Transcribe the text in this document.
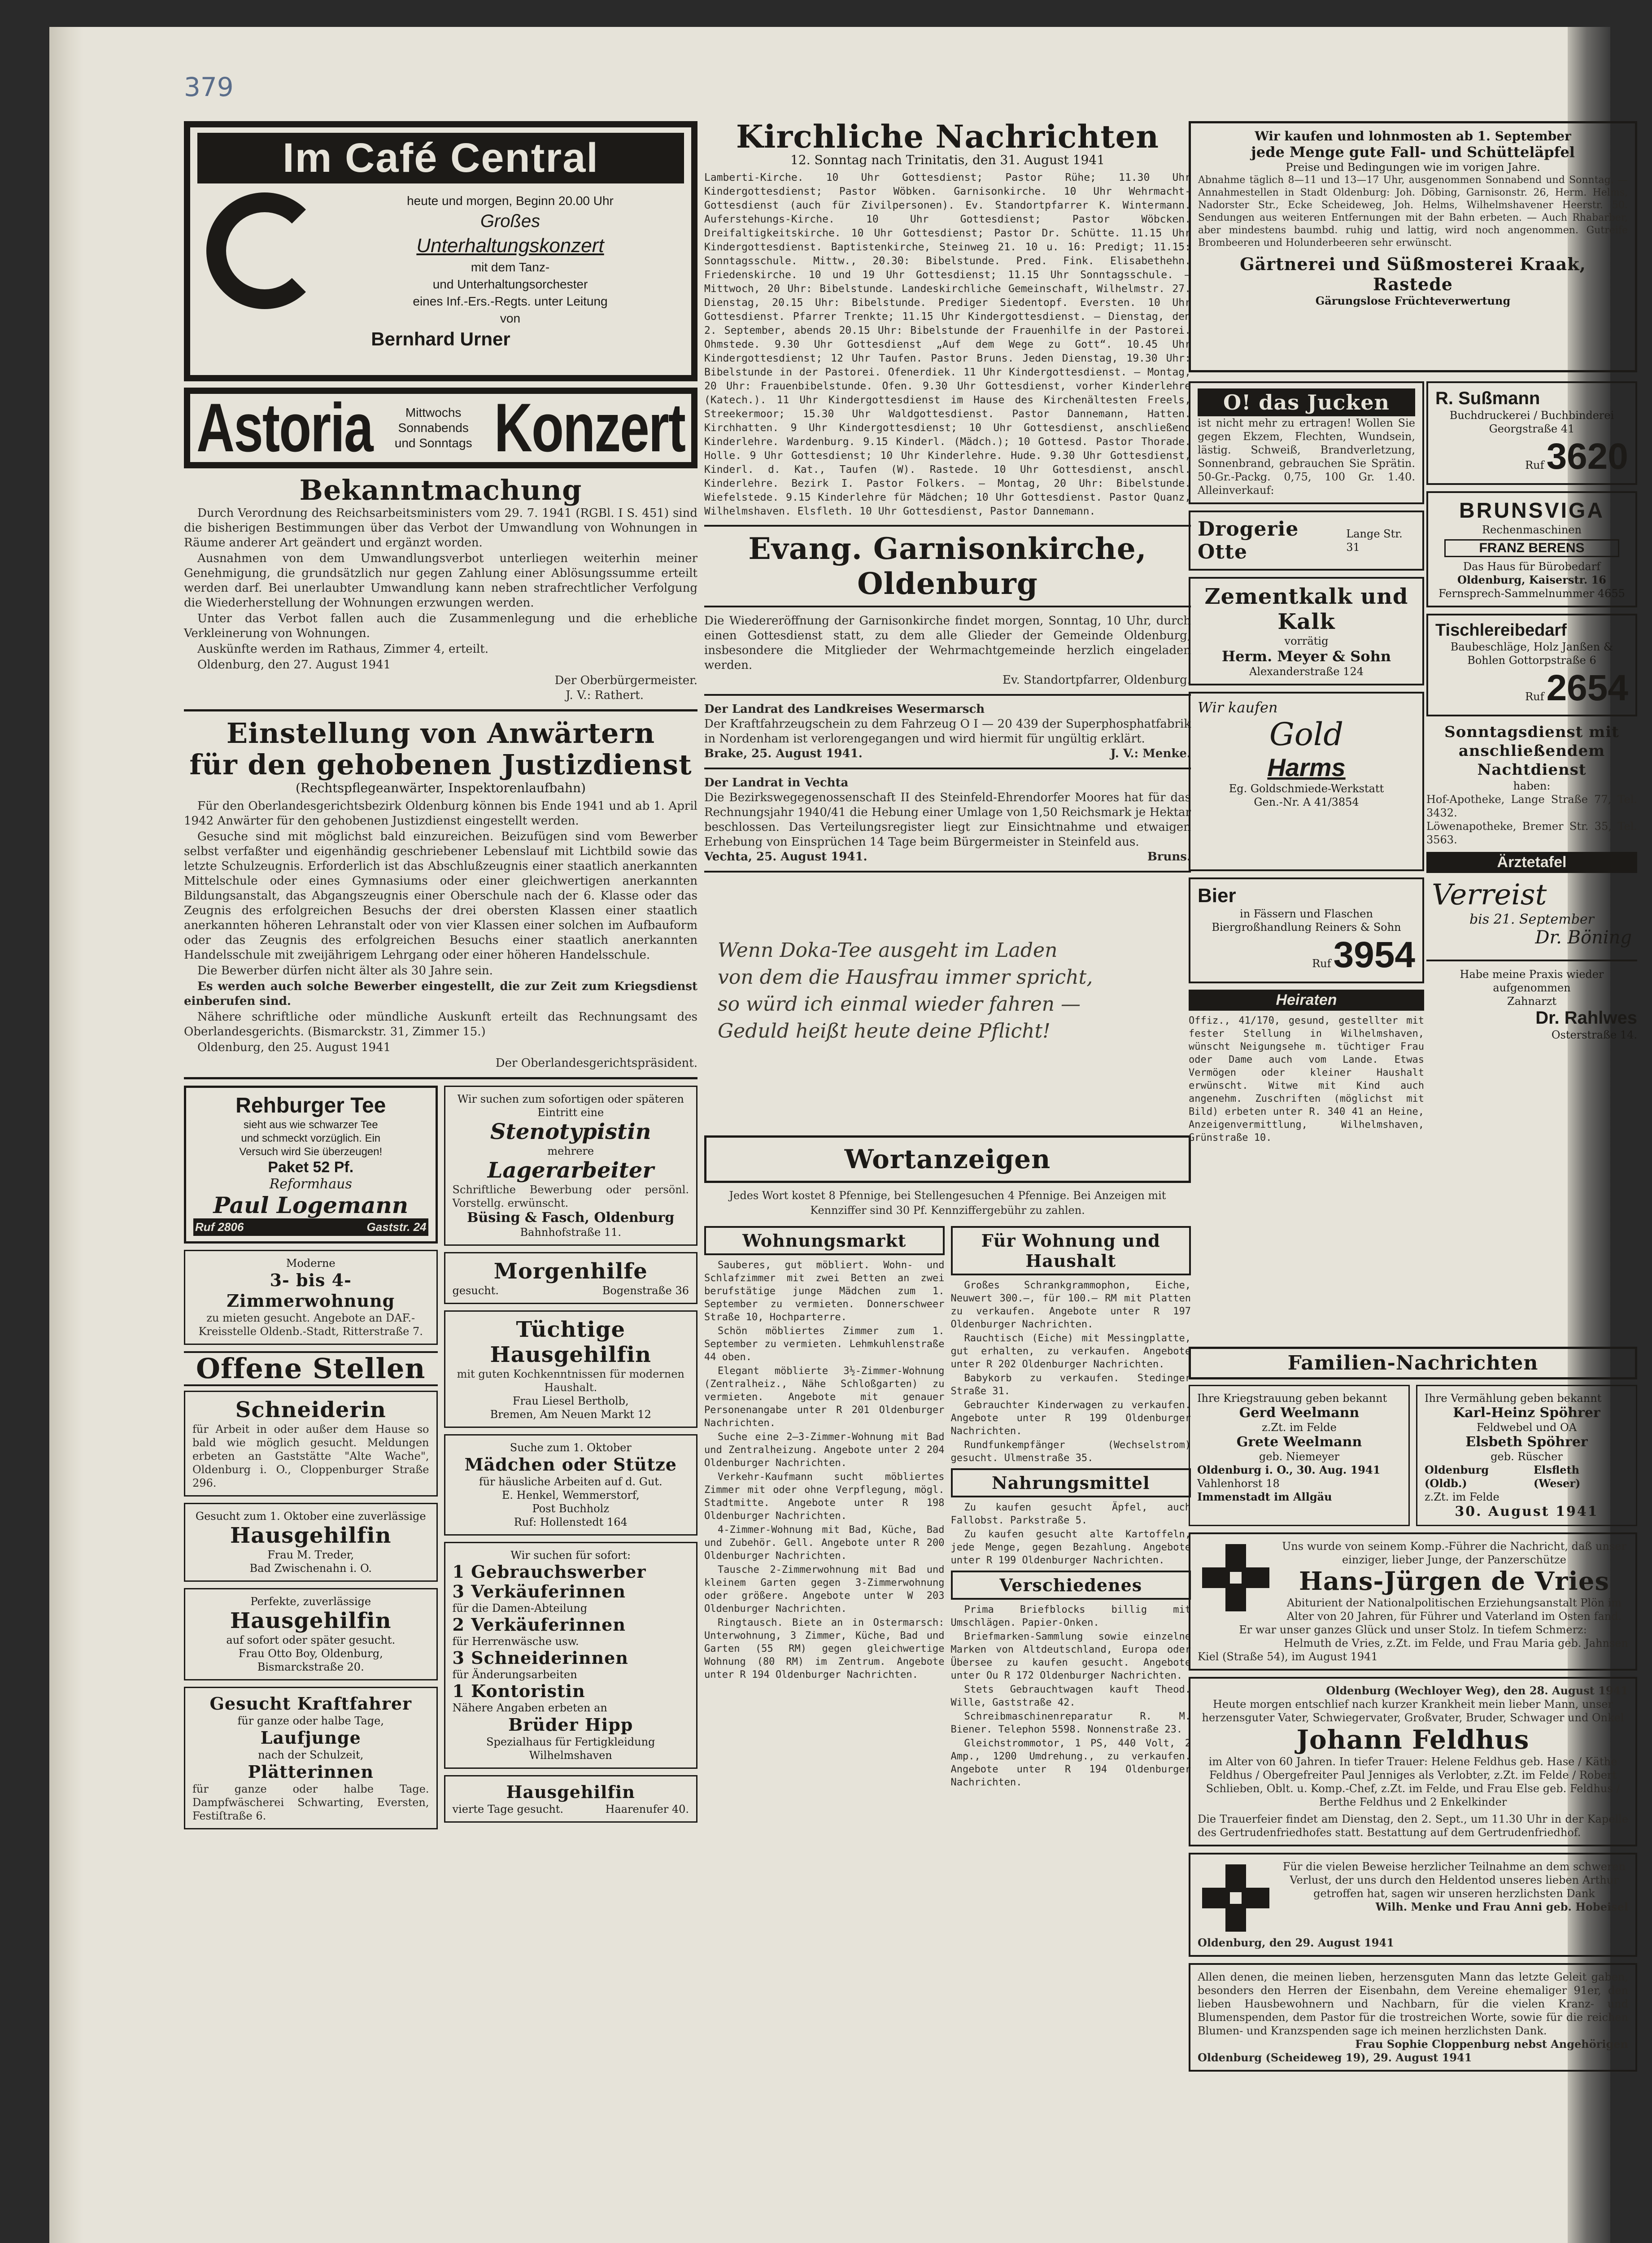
379
Im Café Central
heute und morgen, Beginn 20.00 Uhr
Großes
Unterhaltungskonzert
mit dem Tanz-
und Unterhaltungsorchester
eines Inf.-Ers.-Regts. unter Leitung
von
Bernhard Urner
Astoria	Mittwochs
Sonnabends
und Sonntags Konzert
Bekanntmachung

Durch Verordnung des Reichsarbeitsministers vom 29. 7. 1941 (RGBl. I S. 451) sind die bisherigen Bestimmungen über das Verbot der Umwandlung von Wohnungen in Räume anderer Art geändert und ergänzt worden.

Ausnahmen von dem Umwandlungsverbot unterliegen weiterhin meiner Genehmigung, die grundsätzlich nur gegen Zahlung einer Ablösungssumme erteilt werden darf. Bei unerlaubter Umwandlung kann neben strafrechtlicher Verfolgung die Wiederherstellung der Wohnungen erzwungen werden.

Unter das Verbot fallen auch die Zusammenlegung und die erhebliche Verkleinerung von Wohnungen.

Auskünfte werden im Rathaus, Zimmer 4, erteilt.

Oldenburg, den 27. August 1941

Der Oberbürgermeister.
J. V.: Rathert.
Einstellung von Anwärtern
für den gehobenen Justizdienst
(Rechtspflegeanwärter, Inspektorenlaufbahn)

Für den Oberlandesgerichtsbezirk Oldenburg können bis Ende 1941 und ab 1. April 1942 Anwärter für den gehobenen Justizdienst eingestellt werden.

Gesuche sind mit möglichst bald einzureichen. Beizufügen sind vom Bewerber selbst verfaßter und eigenhändig geschriebener Lebenslauf mit Lichtbild sowie das letzte Schulzeugnis. Erforderlich ist das Abschlußzeugnis einer staatlich anerkannten Mittelschule oder eines Gymnasiums oder einer gleichwertigen anerkannten Bildungsanstalt, das Abgangszeugnis einer Oberschule nach der 6. Klasse oder das Zeugnis des erfolgreichen Besuchs der drei obersten Klassen einer staatlich anerkannten höheren Lehranstalt oder von vier Klassen einer solchen im Aufbauform oder das Zeugnis des erfolgreichen Besuchs einer staatlich anerkannten Handelsschule mit zweijährigem Lehrgang oder einer höheren Handelsschule.

Die Bewerber dürfen nicht älter als 30 Jahre sein.

Es werden auch solche Bewerber eingestellt, die zur Zeit zum Kriegsdienst einberufen sind.

Nähere schriftliche oder mündliche Auskunft erteilt das Rechnungsamt des Oberlandesgerichts. (Bismarckstr. 31, Zimmer 15.)

Oldenburg, den 25. August 1941

Der Oberlandesgerichtspräsident.
Rehburger Tee
sieht aus wie schwarzer Tee
und schmeckt vorzüglich. Ein
Versuch wird Sie überzeugen!
Paket 52 Pf.
Reformhaus
Paul Logemann
Ruf 2806	Gaststr. 24
Moderne
3- bis 4-Zimmerwohnung
zu mieten gesucht. Angebote an DAF.-Kreisstelle Oldenb.-Stadt, Ritterstraße 7.
Offene Stellen
Schneiderin
für Arbeit in oder außer dem Hause so bald wie möglich gesucht. Meldungen erbeten an Gaststätte "Alte Wache", Oldenburg i. O., Cloppenburger Straße 296.
Gesucht zum 1. Oktober eine zuverlässige
Hausgehilfin
Frau M. Treder,
Bad Zwischenahn i. O.
Perfekte, zuverlässige
Hausgehilfin
auf sofort oder später gesucht.
Frau Otto Boy, Oldenburg,
Bismarckstraße 20.
Gesucht Kraftfahrer
für ganze oder halbe Tage,
Laufjunge
nach der Schulzeit,
Plätterinnen
für ganze oder halbe Tage. Dampfwäscherei Schwarting, Eversten, Festiſtraße 6.
Wir suchen zum sofortigen oder späteren Eintritt eine
Stenotypistin
mehrere
Lagerarbeiter
Schriftliche Bewerbung oder persönl. Vorstellg. erwünscht.
Büsing & Fasch, Oldenburg
Bahnhofstraße 11.
Morgenhilfe
gesucht.	Bogenstraße 36
Tüchtige Hausgehilfin
mit guten Kochkenntnissen für modernen Haushalt.
Frau Liesel Bertholb,
Bremen, Am Neuen Markt 12
Suche zum 1. Oktober
Mädchen oder Stütze
für häusliche Arbeiten auf d. Gut.
E. Henkel, Wemmerstorf,
Post Buchholz
Ruf: Hollenstedt 164
Wir suchen für sofort:
1 Gebrauchswerber
3 Verkäuferinnen
für die Damen-Abteilung
2 Verkäuferinnen
für Herrenwäsche usw.
3 Schneiderinnen
für Änderungsarbeiten
1 Kontoristin
Nähere Angaben erbeten an
Brüder Hipp
Spezialhaus für Fertigkleidung Wilhelmshaven
Hausgehilfin
vierte Tage gesucht.	Haarenufer 40.
Kirchliche Nachrichten
12. Sonntag nach Trinitatis, den 31. August 1941
Lamberti-Kirche. 10 Uhr Gottesdienst; Pastor Rühe; 11.30 Uhr Kindergottesdienst; Pastor Wöbken. Garnisonkirche. 10 Uhr Wehrmacht-Gottesdienst (auch für Zivilpersonen). Ev. Standortpfarrer K. Wintermann. Auferstehungs-Kirche. 10 Uhr Gottesdienst; Pastor Wöbcken. Dreifaltigkeitskirche. 10 Uhr Gottesdienst; Pastor Dr. Schütte. 11.15 Uhr Kindergottesdienst. Baptistenkirche, Steinweg 21. 10 u. 16: Predigt; 11.15: Sonntagsschule. Mittw., 20.30: Bibelstunde. Pred. Fink. Elisabethehn. Friedenskirche. 10 und 19 Uhr Gottesdienst; 11.15 Uhr Sonntagsschule. — Mittwoch, 20 Uhr: Bibelstunde. Landeskirchliche Gemeinschaft, Wilhelmstr. 27. Dienstag, 20.15 Uhr: Bibelstunde. Prediger Siedentopf. Eversten. 10 Uhr Gottesdienst. Pfarrer Trenkte; 11.15 Uhr Kindergottesdienst. — Dienstag, den 2. September, abends 20.15 Uhr: Bibelstunde der Frauenhilfe in der Pastorei. Ohmstede. 9.30 Uhr Gottesdienst „Auf dem Wege zu Gott“. 10.45 Uhr Kindergottesdienst; 12 Uhr Taufen. Pastor Bruns. Jeden Dienstag, 19.30 Uhr: Bibelstunde in der Pastorei. Ofenerdiek. 11 Uhr Kindergottesdienst. — Montag, 20 Uhr: Frauenbibelstunde. Ofen. 9.30 Uhr Gottesdienst, vorher Kinderlehre (Katech.). 11 Uhr Kindergottesdienst im Hause des Kirchenältesten Freels, Streekermoor; 15.30 Uhr Waldgottesdienst. Pastor Dannemann, Hatten. Kirchhatten. 9 Uhr Kindergottesdienst; 10 Uhr Gottesdienst, anschließend Kinderlehre. Wardenburg. 9.15 Kinderl. (Mädch.); 10 Gottesd. Pastor Thorade. Holle. 9 Uhr Gottesdienst; 10 Uhr Kinderlehre. Hude. 9.30 Uhr Gottesdienst, Kinderl. d. Kat., Taufen (W). Rastede. 10 Uhr Gottesdienst, anschl. Kinderlehre. Bezirk I. Pastor Folkers. — Montag, 20 Uhr: Bibelstunde. Wiefelstede. 9.15 Kinderlehre für Mädchen; 10 Uhr Gottesdienst. Pastor Quanz, Wilhelmshaven. Elsfleth. 10 Uhr Gottesdienst, Pastor Dannemann.
Evang. Garnisonkirche, Oldenburg
Die Wiedereröffnung der Garnisonkirche findet morgen, Sonntag, 10 Uhr, durch einen Gottesdienst statt, zu dem alle Glieder der Gemeinde Oldenburg, insbesondere die Mitglieder der Wehrmachtgemeinde herzlich eingeladen werden.
Ev. Standortpfarrer, Oldenburg.
Der Landrat des Landkreises Wesermarsch
Der Kraftfahrzeugschein zu dem Fahrzeug O I — 20 439 der Superphosphatfabrik in Nordenham ist verlorengegangen und wird hiermit für ungültig erklärt.
Brake, 25. August 1941.	J. V.: Menke.
Der Landrat in Vechta
Die Bezirkswegegenossenschaft II des Steinfeld-Ehrendorfer Moores hat für das Rechnungsjahr 1940/41 die Hebung einer Umlage von 1,50 Reichsmark je Hektar beschlossen. Das Verteilungsregister liegt zur Einsichtnahme und etwaigen Erhebung von Einsprüchen 14 Tage beim Bürgermeister in Steinfeld aus.
Vechta, 25. August 1941.	Bruns.
Wenn Doka-Tee ausgeht im Laden
von dem die Hausfrau immer spricht,
so würd ich einmal wieder fahren —
Geduld heißt heute deine Pflicht!
Wortanzeigen
Jedes Wort kostet 8 Pfennige, bei Stellengesuchen 4 Pfennige. Bei Anzeigen mit Kennziffer sind 30 Pf. Kennziffergebühr zu zahlen.
Wohnungsmarkt

Sauberes, gut möbliert. Wohn- und Schlafzimmer mit zwei Betten an zwei berufstätige junge Mädchen zum 1. September zu vermieten. Donnerschweer Straße 10, Hochparterre.

Schön möbliertes Zimmer zum 1. September zu vermieten. Lehmkuhlenstraße 44 oben.

Elegant möblierte 3½-Zimmer-Wohnung (Zentralheiz., Nähe Schloßgarten) zu vermieten. Angebote mit genauer Personenangabe unter R 201 Oldenburger Nachrichten.

Suche eine 2—3-Zimmer-Wohnung mit Bad und Zentralheizung. Angebote unter 2 204 Oldenburger Nachrichten.

Verkehr-Kaufmann sucht möbliertes Zimmer mit oder ohne Verpflegung, mögl. Stadtmitte. Angebote unter R 198 Oldenburger Nachrichten.

4-Zimmer-Wohnung mit Bad, Küche, Bad und Zubehör. Gell. Angebote unter R 200 Oldenburger Nachrichten.

Tausche 2-Zimmerwohnung mit Bad und kleinem Garten gegen 3-Zimmerwohnung oder größere. Angebote unter W 203 Oldenburger Nachrichten.

Ringtausch. Biete an in Ostermarsch: Unterwohnung, 3 Zimmer, Küche, Bad und Garten (55 RM) gegen gleichwertige Wohnung (80 RM) im Zentrum. Angebote unter R 194 Oldenburger Nachrichten.

Für Wohnung und Haushalt

Großes Schrankgrammophon, Eiche, Neuwert 300.—, für 100.— RM mit Platten zu verkaufen. Angebote unter R 197 Oldenburger Nachrichten.

Rauchtisch (Eiche) mit Messingplatte, gut erhalten, zu verkaufen. Angebote unter R 202 Oldenburger Nachrichten.

Babykorb zu verkaufen. Stedinger Straße 31.

Gebrauchter Kinderwagen zu verkaufen. Angebote unter R 199 Oldenburger Nachrichten.

Rundfunkempfänger (Wechselstrom) gesucht. Ulmenstraße 35.

Nahrungsmittel

Zu kaufen gesucht Äpfel, auch Fallobst. Parkstraße 5.

Zu kaufen gesucht alte Kartoffeln, jede Menge, gegen Bezahlung. Angebote unter R 199 Oldenburger Nachrichten.

Verschiedenes

Prima Briefblocks billig mit Umschlägen. Papier-Onken.

Briefmarken-Sammlung sowie einzelne Marken von Altdeutschland, Europa oder Übersee zu kaufen gesucht. Angebote unter Ou R 172 Oldenburger Nachrichten.

Stets Gebrauchtwagen kauft Theod. Wille, Gaststraße 42.

Schreibmaschinenreparatur R. M. Biener. Telephon 5598. Nonnenstraße 23.

Gleichstrommotor, 1 PS, 440 Volt, 2 Amp., 1200 Umdrehung., zu verkaufen. Angebote unter R 194 Oldenburger Nachrichten.

Wir kaufen und lohnmosten ab 1. September
jede Menge gute Fall- und Schütteläpfel
Preise und Bedingungen wie im vorigen Jahre.
Abnahme täglich 8—11 und 13—17 Uhr, ausgenommen Sonnabend und Sonntag. — Annahmestellen in Stadt Oldenburg: Joh. Döbing, Garnisonstr. 26, Herm. Helms, Nadorster Str., Ecke Scheideweg, Joh. Helms, Wilhelmshavener Heerstr. 50. Sendungen aus weiteren Entfernungen mit der Bahn erbeten. — Auch Rhabarber, aber mindestens baumbd. ruhig und lattig, wird noch angenommen. Gutreife Brombeeren und Holunderbeeren sehr erwünscht.
Gärtnerei und Süßmosterei Kraak, Rastede
Gärungslose Früchteverwertung
O! das Jucken
ist nicht mehr zu ertragen! Wollen Sie gegen Ekzem, Flechten, Wundsein, lästig. Schweiß, Brandverletzung, Sonnenbrand, gebrauchen Sie Sprätin. 50-Gr.-Packg. 0,75, 100 Gr. 1.40. Alleinverkauf:
Drogerie Otte
Lange Str. 31
Zementkalk und Kalk
vorrätig
Herm. Meyer & Sohn
Alexanderstraße 124
Wir kaufen
Gold
Harms
Eg. Goldschmiede-Werkstatt
Gen.-Nr. A 41/3854
Bier
in Fässern und Flaschen Biergroßhandlung Reiners & Sohn
Ruf 3954
Heiraten
Offiz., 41/170, gesund, gestellter mit fester Stellung in Wilhelmshaven, wünscht Neigungsehe m. tüchtiger Frau oder Dame auch vom Lande. Etwas Vermögen oder kleiner Haushalt erwünscht. Witwe mit Kind auch angenehm. Zuschriften (möglichst mit Bild) erbeten unter R. 340 41 an Heine, Anzeigenvermittlung, Wilhelmshaven, Grünstraße 10.
R. Sußmann
Buchdruckerei / Buchbinderei Georgstraße 41
Ruf 3620
BRUNSVIGA
Rechenmaschinen
FRANZ BERENS
Das Haus für Bürobedarf
Oldenburg, Kaiserstr. 16
Fernsprech-Sammelnummer 4655
Tischlereibedarf
Baubeschläge, Holz Janßen & Bohlen Gottorpstraße 6
Ruf 2654
Sonntagsdienst mit anschließendem Nachtdienst
haben:
Hof-Apotheke, Lange Straße 77, Tel. 3432.
Löwenapotheke, Bremer Str. 35, Tel. 3563.
Ärztetafel
Verreist
bis 21. September
Dr. Böning
Habe meine Praxis wieder aufgenommen
Zahnarzt
Dr. Rahlwes
Osterstraße 14.
Familien-Nachrichten
Ihre Kriegstrauung geben bekannt
Gerd Weelmann
z.Zt. im Felde
Grete Weelmann
geb. Niemeyer
Oldenburg i. O., 30. Aug. 1941
Vahlenhorst 18
Immenstadt im Allgäu
Ihre Vermählung geben bekannt
Karl-Heinz Spöhrer
Feldwebel und OA
Elsbeth Spöhrer
geb. Rüscher
Oldenburg (Oldb.)
Elsfleth (Weser)
z.Zt. im Felde
30. August 1941
Uns wurde von seinem Komp.-Führer die Nachricht, daß unser einziger, lieber Junge, der Panzerschütze
Hans-Jürgen de Vries
Abiturient der Nationalpolitischen Erziehungsanstalt Plön im Alter von 20 Jahren, für Führer und Vaterland im Osten fand. Er war unser ganzes Glück und unser Stolz. In tiefem Schmerz:
Helmuth de Vries, z.Zt. im Felde, und Frau Maria geb. Jahnsen
Kiel (Straße 54), im August 1941
Oldenburg (Wechloyer Weg), den 28. August 1941
Heute morgen entschlief nach kurzer Krankheit mein lieber Mann, unser herzensguter Vater, Schwiegervater, Großvater, Bruder, Schwager und Onkel
Johann Feldhus
im Alter von 60 Jahren. In tiefer Trauer: Helene Feldhus geb. Hase / Käthe Feldhus / Obergefreiter Paul Jenniges als Verlobter, z.Zt. im Felde / Robert Schlieben, Oblt. u. Komp.-Chef, z.Zt. im Felde, und Frau Else geb. Feldhus / Berthe Feldhus und 2 Enkelkinder
Die Trauerfeier findet am Dienstag, den 2. Sept., um 11.30 Uhr in der Kapelle des Gertrudenfriedhofes statt. Bestattung auf dem Gertrudenfriedhof.
Für die vielen Beweise herzlicher Teilnahme an dem schweren Verlust, der uns durch den Heldentod unseres lieben Arthur getroffen hat, sagen wir unseren herzlichsten Dank
Wilh. Menke und Frau Anni geb. Hobeisel
Oldenburg, den 29. August 1941
Allen denen, die meinen lieben, herzensguten Mann das letzte Geleit gaben, besonders den Herren der Eisenbahn, dem Vereine ehemaliger 91er, den lieben Hausbewohnern und Nachbarn, für die vielen Kranz- und Blumenspenden, dem Pastor für die trostreichen Worte, sowie für die reichen Blumen- und Kranzspenden sage ich meinen herzlichsten Dank.
Frau Sophie Cloppenburg nebst Angehörigen
Oldenburg (Scheideweg 19), 29. August 1941
